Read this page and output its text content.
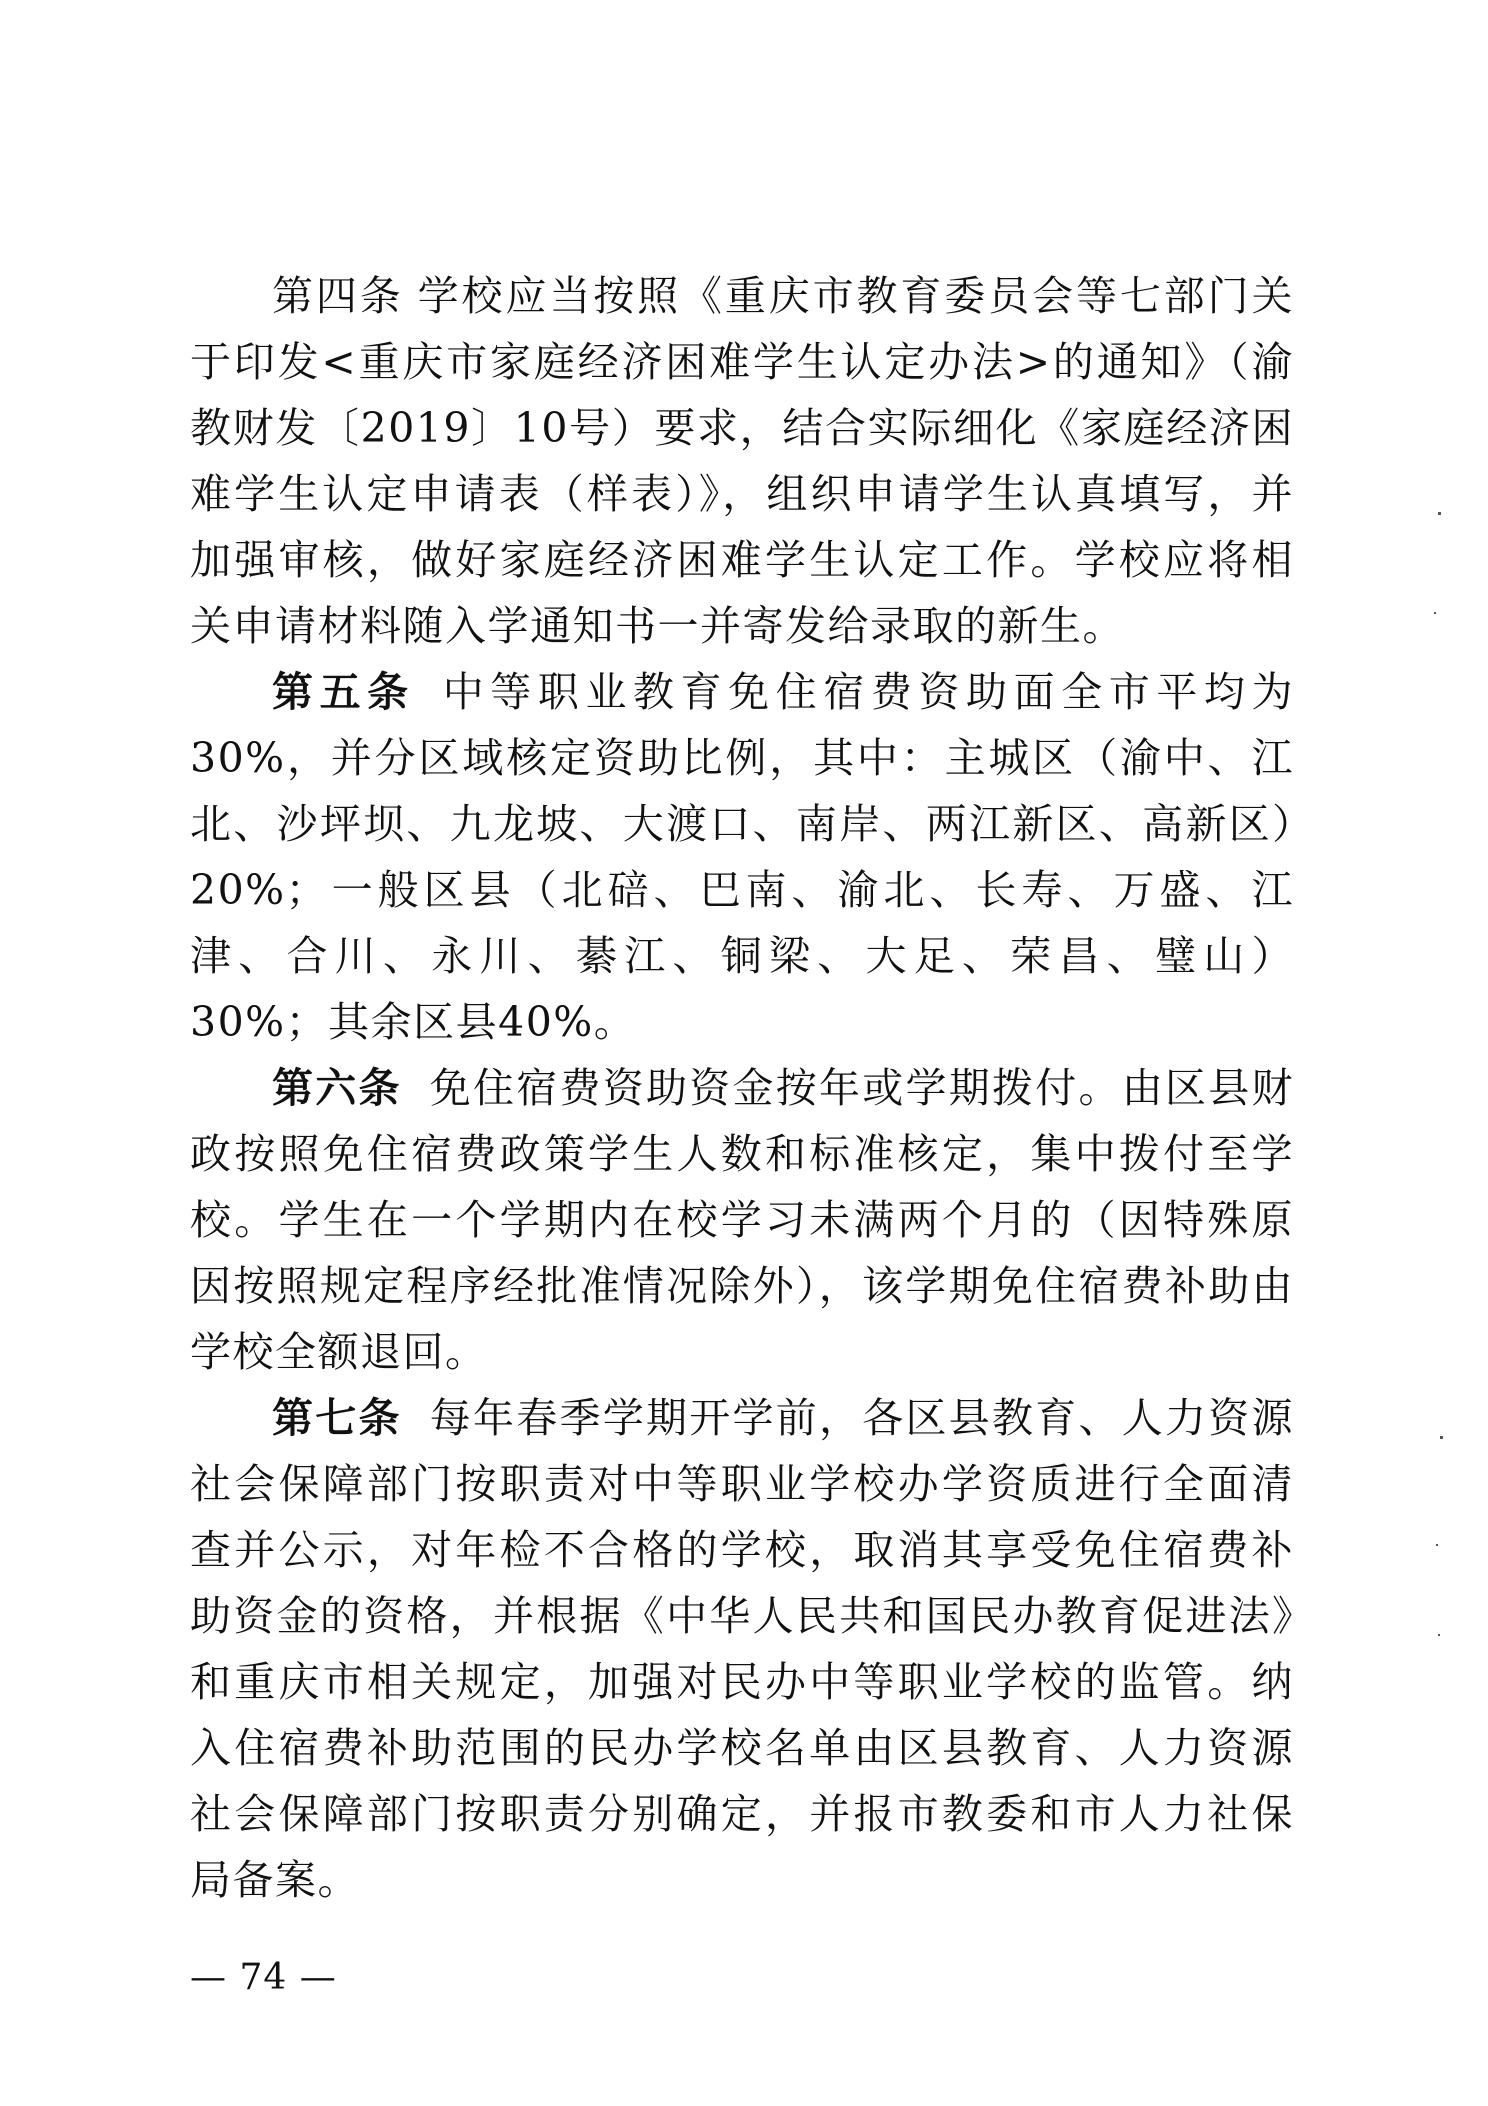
第四条 学校应当按照《重庆市教育委员会等七部门关于印发<重庆市家庭经济困难学生认定办法>的通知》（渝教财发〔2019〕10号）要求，结合实际细化《家庭经济困难学生认定申请表（样表）》，组织申请学生认真填写，并加强审核，做好家庭经济困难学生认定工作。学校应将相关申请材料随入学通知书一并寄发给录取的新生。

第五条 中等职业教育免住宿费资助面全市平均为30%，并分区域核定资助比例，其中：主城区（渝中、江北、沙坪坝、九龙坡、大渡口、南岸、两江新区、高新区）20%；一般区县（北碚、巴南、渝北、长寿、万盛、江津、合川、永川、綦江、铜梁、大足、荣昌、璧山）30%；其余区县40%。

第六条 免住宿费资助资金按年或学期拨付。由区县财政按照免住宿费政策学生人数和标准核定，集中拨付至学校。学生在一个学期内在校学习未满两个月的（因特殊原因按照规定程序经批准情况除外），该学期免住宿费补助由学校全额退回。

第七条 每年春季学期开学前，各区县教育、人力资源社会保障部门按职责对中等职业学校办学资质进行全面清查并公示，对年检不合格的学校，取消其享受免住宿费补助资金的资格，并根据《中华人民共和国民办教育促进法》和重庆市相关规定，加强对民办中等职业学校的监管。纳入住宿费补助范围的民办学校名单由区县教育、人力资源社会保障部门按职责分别确定，并报市教委和市人力社保局备案。

— 74 —
